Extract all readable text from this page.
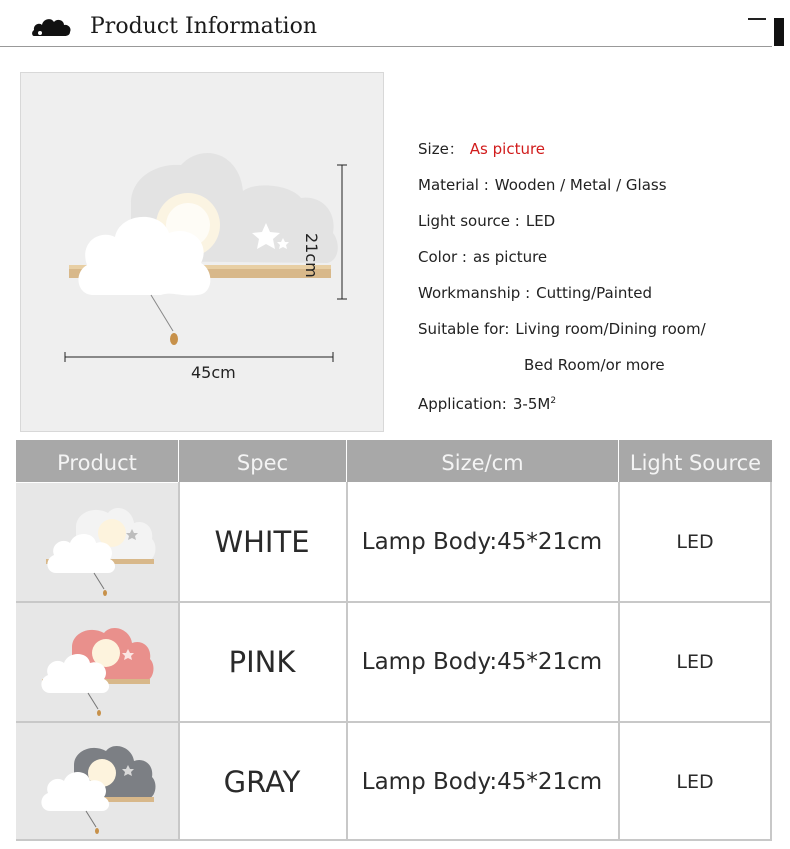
Product Information
45cm
21cm
Size： As picture
Material : Wooden / Metal / Glass
Light source : LED
Color :as picture
Workmanship : Cutting/Painted
Suitable for: Living room/Dining room/
Bed Room/or more
Application: $3-5M^2$
Product	Spec	Size/cm	Light Source
WHITE	Lamp Body:45*21cm	LED
PINK	Lamp Body:45*21cm	LED
GRAY	Lamp Body:45*21cm	LED
